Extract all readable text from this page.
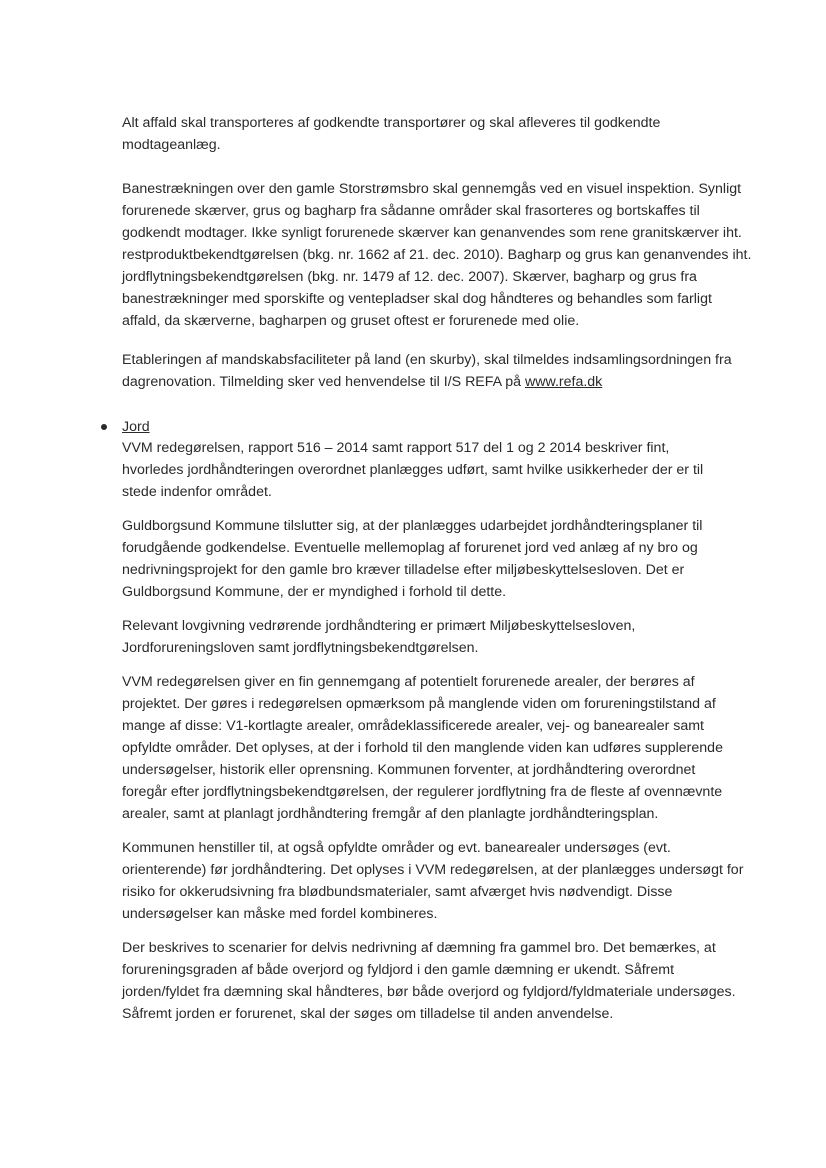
Alt affald skal transporteres af godkendte transportører og skal afleveres til godkendte
modtageanlæg.
Banestrækningen over den gamle Storstrømsbro skal gennemgås ved en visuel inspektion. Synligt
forurenede skærver, grus og bagharp fra sådanne områder skal frasorteres og bortskaffes til
godkendt modtager. Ikke synligt forurenede skærver kan genanvendes som rene granitskærver iht.
restproduktbekendtgørelsen (bkg. nr. 1662 af 21. dec. 2010). Bagharp og grus kan genanvendes iht.
jordflytningsbekendtgørelsen (bkg. nr. 1479 af 12. dec. 2007). Skærver, bagharp og grus fra
banestrækninger med sporskifte og ventepladser skal dog håndteres og behandles som farligt
affald, da skærverne, bagharpen og gruset oftest er forurenede med olie.
Etableringen af mandskabsfaciliteter på land (en skurby), skal tilmeldes indsamlingsordningen fra
dagrenovation. Tilmelding sker ved henvendelse til I/S REFA på www.refa.dk
Jord
VVM redegørelsen, rapport 516 – 2014 samt rapport 517 del 1 og 2 2014 beskriver fint,
hvorledes jordhåndteringen overordnet planlægges udført, samt hvilke usikkerheder der er til
stede indenfor området.
Guldborgsund Kommune tilslutter sig, at der planlægges udarbejdet jordhåndteringsplaner til
forudgående godkendelse. Eventuelle mellemoplag af forurenet jord ved anlæg af ny bro og
nedrivningsprojekt for den gamle bro kræver tilladelse efter miljøbeskyttelsesloven. Det er
Guldborgsund Kommune, der er myndighed i forhold til dette.
Relevant lovgivning vedrørende jordhåndtering er primært Miljøbeskyttelsesloven,
Jordforureningsloven samt jordflytningsbekendtgørelsen.
VVM redegørelsen giver en fin gennemgang af potentielt forurenede arealer, der berøres af
projektet. Der gøres i redegørelsen opmærksom på manglende viden om forureningstilstand af
mange af disse: V1-kortlagte arealer, områdeklassificerede arealer, vej- og banearealer samt
opfyldte områder. Det oplyses, at der i forhold til den manglende viden kan udføres supplerende
undersøgelser, historik eller oprensning. Kommunen forventer, at jordhåndtering overordnet
foregår efter jordflytningsbekendtgørelsen, der regulerer jordflytning fra de fleste af ovennævnte
arealer, samt at planlagt jordhåndtering fremgår af den planlagte jordhåndteringsplan.
Kommunen henstiller til, at også opfyldte områder og evt. banearealer undersøges (evt.
orienterende) før jordhåndtering. Det oplyses i VVM redegørelsen, at der planlægges undersøgt for
risiko for okkerudsivning fra blødbundsmaterialer, samt afværget hvis nødvendigt. Disse
undersøgelser kan måske med fordel kombineres.
Der beskrives to scenarier for delvis nedrivning af dæmning fra gammel bro. Det bemærkes, at
forureningsgraden af både overjord og fyldjord i den gamle dæmning er ukendt. Såfremt
jorden/fyldet fra dæmning skal håndteres, bør både overjord og fyldjord/fyldmateriale undersøges.
Såfremt jorden er forurenet, skal der søges om tilladelse til anden anvendelse.
